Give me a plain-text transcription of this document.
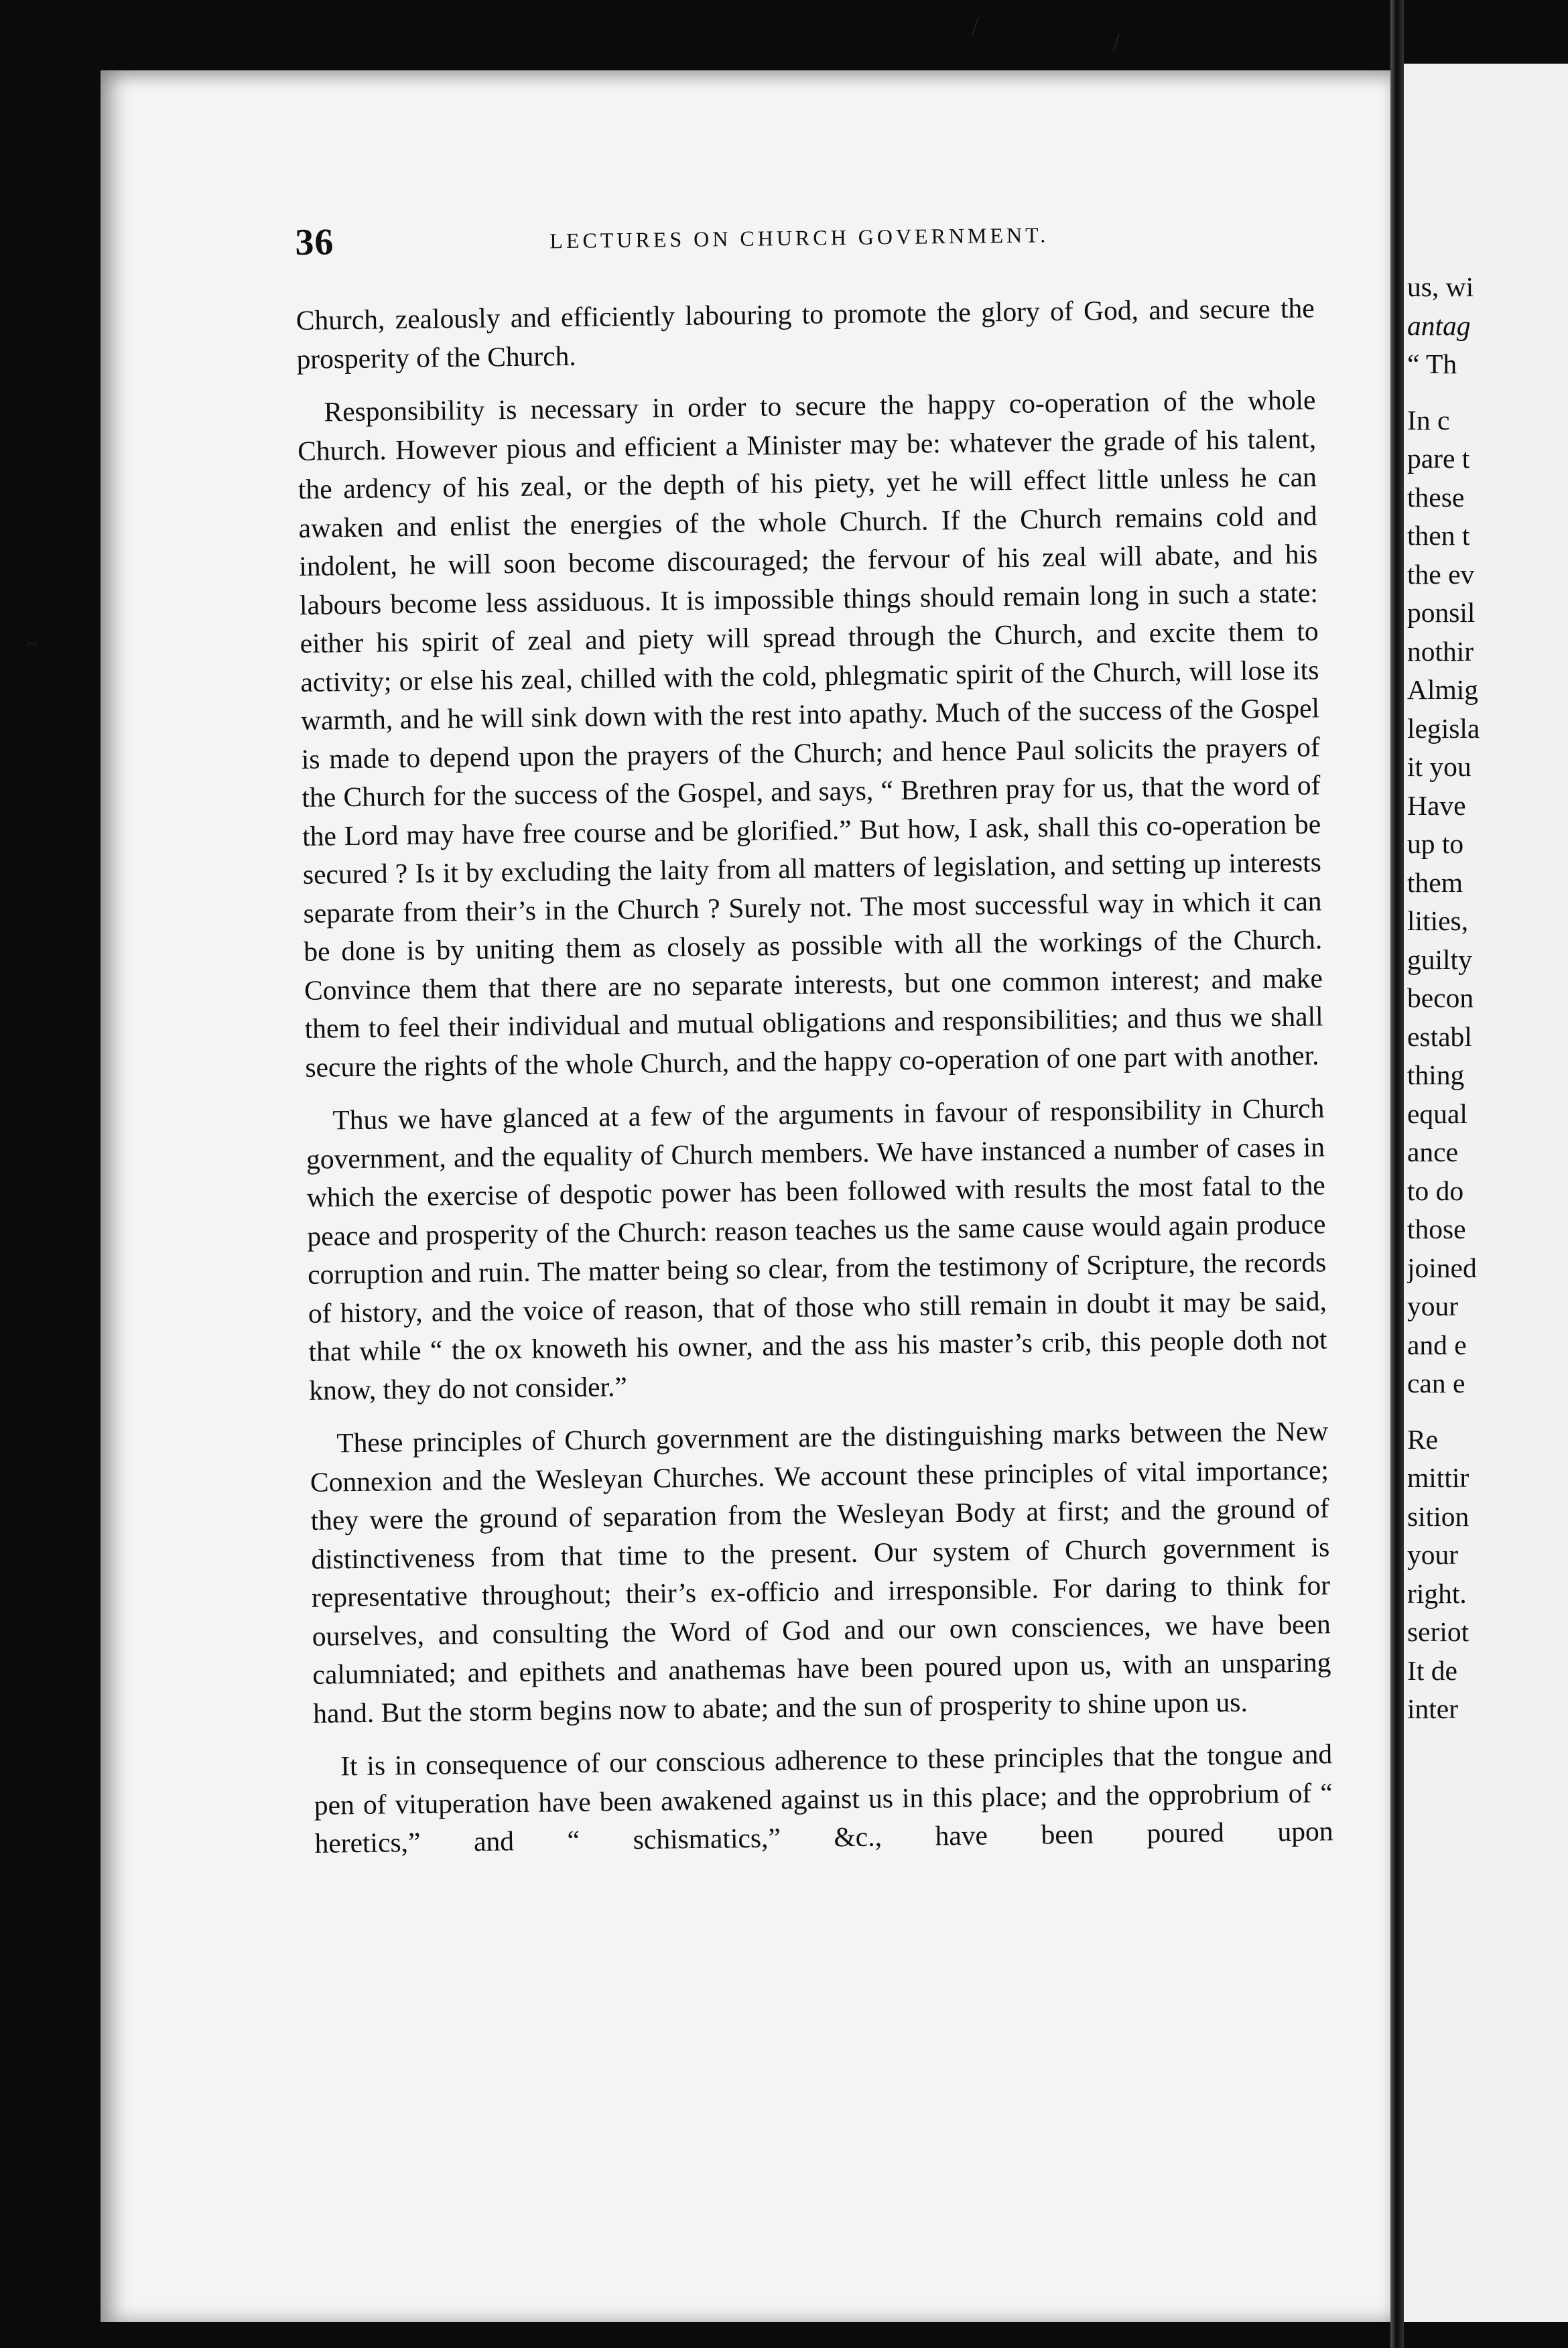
/
/
~
36	LECTURES ON CHURCH GOVERNMENT.

Church, zealously and efficiently labouring to promote the glory of God, and secure the prosperity of the Church.

Responsibility is necessary in order to secure the happy co-operation of the whole Church. However pious and efficient a Minister may be: whatever the grade of his talent, the ardency of his zeal, or the depth of his piety, yet he will effect little unless he can awaken and enlist the energies of the whole Church. If the Church remains cold and indolent, he will soon become discouraged; the fervour of his zeal will abate, and his labours become less assiduous. It is impossible things should remain long in such a state: either his spirit of zeal and piety will spread through the Church, and excite them to activity; or else his zeal, chilled with the cold, phlegmatic spirit of the Church, will lose its warmth, and he will sink down with the rest into apathy. Much of the success of the Gospel is made to depend upon the prayers of the Church; and hence Paul solicits the prayers of the Church for the success of the Gospel, and says, “ Brethren pray for us, that the word of the Lord may have free course and be glorified.” But how, I ask, shall this co-operation be secured ? Is it by excluding the laity from all matters of legislation, and setting up interests separate from their’s in the Church ? Surely not. The most successful way in which it can be done is by uniting them as closely as possible with all the workings of the Church. Convince them that there are no separate interests, but one common interest; and make them to feel their individual and mutual obligations and responsibilities; and thus we shall secure the rights of the whole Church, and the happy co-operation of one part with another.

Thus we have glanced at a few of the arguments in favour of responsibility in Church government, and the equality of Church members. We have instanced a number of cases in which the exercise of despotic power has been followed with results the most fatal to the peace and prosperity of the Church: reason teaches us the same cause would again produce corruption and ruin. The matter being so clear, from the testimony of Scripture, the records of history, and the voice of reason, that of those who still remain in doubt it may be said, that while “ the ox knoweth his owner, and the ass his master’s crib, this people doth not know, they do not consider.”

These principles of Church government are the distinguishing marks between the New Connexion and the Wesleyan Churches. We account these principles of vital importance; they were the ground of separation from the Wesleyan Body at first; and the ground of distinctiveness from that time to the present. Our system of Church government is representative throughout; their’s ex-officio and irresponsible. For daring to think for ourselves, and consulting the Word of God and our own consciences, we have been calumniated; and epithets and anathemas have been poured upon us, with an unsparing hand. But the storm begins now to abate; and the sun of prosperity to shine upon us.

It is in consequence of our conscious adherence to these principles that the tongue and pen of vituperation have been awakened against us in this place; and the opprobrium of “ heretics,” and “ schismatics,” &c., have been poured upon

us, wi
antag
“ Th
In c
pare t
these
then t
the ev
ponsil
nothir
Almig
legisla
it you
Have
up to
them
lities,
guilty
becon
establ
thing
equal
ance
to do
those
joined
your
and e
can e
Re
mittir
sition
your
right.
seriot
It de
inter
